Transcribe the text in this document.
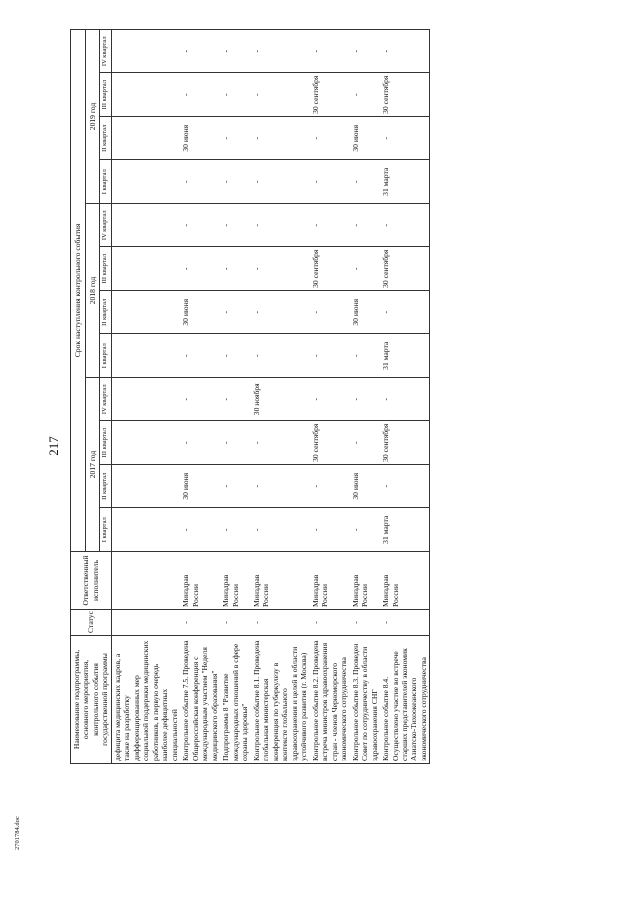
217
Наименование подпрограммы, основного мероприятия, контрольного события государственной программы	Статус	Ответственный исполнитель	Срок наступления контрольного события											
			2017 год				2018 год				2019 год			
			I квартал	II квартал	III квартал	IV квартал	I квартал	II квартал	III квартал	IV квартал	I квартал	II квартал	III квартал	IV квартал
дефицита медицинских кадров, а также на разработку дифференцированных мер социальной поддержки медицинских работников, в первую очередь наиболее дефицитных специальностей														
Контрольное событие 7.5. Проведена Общероссийская конференция с международным участием "Неделя медицинского образования"	-	Минздрав России	-	30 июня	-	-	-	30 июня	-	-	-	30 июня	-	-
Подпрограмма 8 "Развитие международных отношений в сфере охраны здоровья"	-	Минздрав России	-	-	-	-	-	-	-	-	-	-	-	-
Контрольное событие 8.1. Проведена глобальная министерская конференция по туберкулезу в контексте глобального здравоохранения и целей в области устойчивого развития (г. Москва)	-	Минздрав России	-	-	-	30 ноября	-	-	-	-	-	-	-	-
Контрольное событие 8.2. Проведена встреча министров здравоохранения стран - членов Черноморского экономического сотрудничества	-	Минздрав России	-	-	30 сентября	-	-	-	30 сентября	-	-	-	30 сентября	-
Контрольное событие 8.3. Проведен Совет по сотрудничеству в области здравоохранения СНГ	-	Минздрав России	-	30 июня	-	-	-	30 июня	-	-	-	30 июня	-	-
Контрольное событие 8.4. Осуществлено участие во встрече старших представителей экономик Азиатско-Тихоокеанского экономического сотрудничества	-	Минздрав России	31 марта	-	30 сентября	-	31 марта	-	30 сентября	-	31 марта	-	30 сентября	-
2701784.doc
